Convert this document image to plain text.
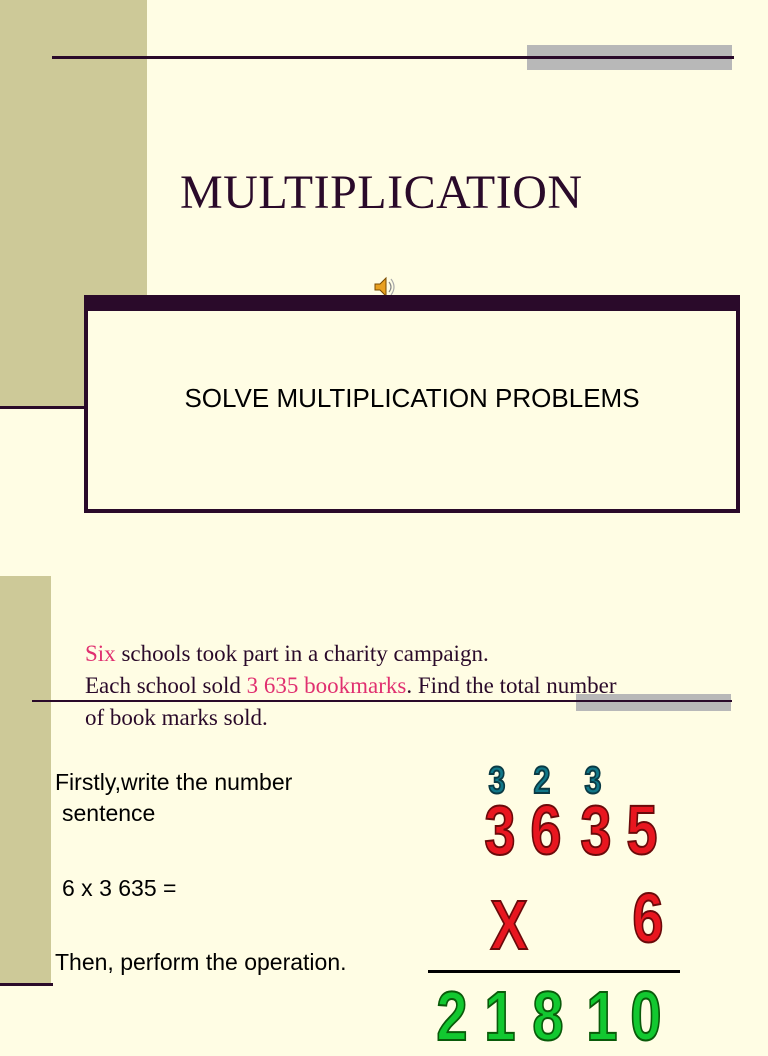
MULTIPLICATION
SOLVE MULTIPLICATION PROBLEMS
Six schools took part in a charity campaign.
Each school sold 3 635 bookmarks. Find the total number
of book marks sold.
Firstly,write the number
sentence
6 x 3 635 =
Then, perform the operation.
3 2 3
3 6 3 5
X 6
2 1 8 1 0
